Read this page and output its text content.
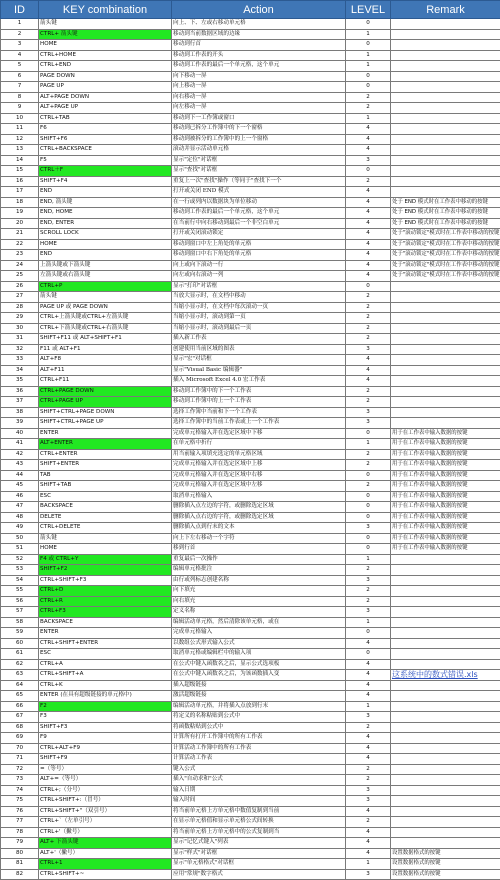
ID	KEY combination	Action	LEVEL	Remark
1	箭头键	向上、下、左或右移动单元格	0	
2	CTRL+ 箭头键	移动到当前数据区域的边缘	1	
3	HOME	移动到行首	0	
4	CTRL+HOME	移动到工作表的开头	1	
5	CTRL+END	移动到工作表的最后一个单元格，这个单元	1	
6	PAGE DOWN	向下移动一屏	0	
7	PAGE UP	向上移动一屏	0	
8	ALT+PAGE DOWN	向右移动一屏	2	
9	ALT+PAGE UP	向左移动一屏	2	
10	CTRL+TAB	移动到下一工作簿或窗口	1	
11	F6	移动到已拆分工作簿中的下一个窗格	4	
12	SHIFT+F6	移动到被拆分的工作簿中的上一个窗格	4	
13	CTRL+BACKSPACE	滚动并显示活动单元格	4	
14	F5	显示"定位"对话框	3	
15	CTRL＋F	显示"查找"对话框	0	
16	SHIFT+F4	重复上一次"查找"操作（等同于"查找下一个	2	
17	END	打开或关闭 END 模式	4	
18	END, 箭头键	在一行或列内以数据块为单位移动	4	处于 END 模式时在工作表中移动的按键
19	END, HOME	移动到工作表的最后一个单元格，这个单元	4	处于 END 模式时在工作表中移动的按键
20	END, ENTER	在当前行中向右移动到最后一个非空白单元	4	处于 END 模式时在工作表中移动的按键
21	SCROLL LOCK	打开或关闭滚动锁定	4	处于"滚动锁定"模式时在工作表中移动的按键
22	HOME	移动到窗口中左上角处的单元格	4	处于"滚动锁定"模式时在工作表中移动的按键
23	END	移动到窗口中右下角处的单元格	4	处于"滚动锁定"模式时在工作表中移动的按键
24	上箭头键或下箭头键	向上或向下滚动一行	4	处于"滚动锁定"模式时在工作表中移动的按键
25	左箭头键或右箭头键	向左或向右滚动一列	4	处于"滚动锁定"模式时在工作表中移动的按键
26	CTRL+P	显示"打印"对话框	0	
27	箭头键	当放大显示时，在文档中移动	2	
28	PAGE UP 或 PAGE DOWN	当缩小显示时，在文档中每次滚动一页	2	
29	CTRL+上箭头键或CTRL+左箭头键	当缩小显示时，滚动到第一页	2	
30	CTRL+下箭头键或CTRL+右箭头键	当缩小显示时，滚动到最后一页	2	
31	SHIFT+F11 或 ALT+SHIFT+F1	插入新工作表	2	
32	F11 或 ALT+F1	创建使用当前区域的图表	3	
33	ALT+F8	显示"宏"对话框	4	
34	ALT+F11	显示"Visual Basic 编辑器"	4	
35	CTRL+F11	插入 Microsoft Excel 4.0 宏工作表	4	
36	CTRL+PAGE DOWN	移动到工作簿中的下一个工作表	2	
37	CTRL+PAGE UP	移动到工作簿中的上一个工作表	2	
38	SHIFT+CTRL+PAGE DOWN	选择工作簿中当前和下一个工作表	3	
39	SHIFT+CTRL+PAGE UP	选择工作簿中的当前工作表或上一个工作表	3	
40	ENTER	完成单元格输入并在选定区域中下移	0	用于在工作表中输入数据的按键
41	ALT+ENTER	在单元格中折行	1	用于在工作表中输入数据的按键
42	CTRL+ENTER	用当前输入项填充选定的单元格区域	2	用于在工作表中输入数据的按键
43	SHIFT+ENTER	完成单元格输入并在选定区域中上移	2	用于在工作表中输入数据的按键
44	TAB	完成单元格输入并在选定区域中右移	0	用于在工作表中输入数据的按键
45	SHIFT+TAB	完成单元格输入并在选定区域中左移	2	用于在工作表中输入数据的按键
46	ESC	取消单元格输入	0	用于在工作表中输入数据的按键
47	BACKSPACE	删除插入点左边的字符，或删除选定区域	0	用于在工作表中输入数据的按键
48	DELETE	删除插入点右边的字符，或删除选定区域	0	用于在工作表中输入数据的按键
49	CTRL+DELETE	删除插入点到行末的文本	3	用于在工作表中输入数据的按键
50	箭头键	向上下左右移动一个字符	0	用于在工作表中输入数据的按键
51	HOME	移到行首	0	用于在工作表中输入数据的按键
52	F4 或 CTRL+Y	重复最后一次操作	1	
53	SHIFT+F2	编辑单元格批注	2	
54	CTRL+SHIFT+F3	由行或列标志创建名称	3	
55	CTRL+D	向下填充	2	
56	CTRL+R	向右填充	2	
57	CTRL+F3	定义名称	3	
58	BACKSPACE	编辑活动单元格，然后清除该单元格，或在	1	
59	ENTER	完成单元格输入	0	
60	CTRL+SHIFT+ENTER	以数组公式形式输入公式	4	
61	ESC	取消单元格或编辑栏中的输入项	0	
62	CTRL+A	在公式中键入函数名之后，显示公式选项板	4	
63	CTRL+SHIFT+A	在公式中键入函数名之后，为该函数插入变	4	这系统中的数式错误.xls
64	CTRL+K	插入超级链接	4	
65	ENTER (在具有超级链接的单元格中)	激活超级链接	4	
66	F2	编辑活动单元格，并将插入点放到行末	1	
67	F3	将定义的名称粘贴到公式中	3	
68	SHIFT+F3	将函数粘贴到公式中	2	
69	F9	计算所有打开工作簿中的所有工作表	4	
70	CTRL+ALT+F9	计算活动工作簿中的所有工作表	4	
71	SHIFT+F9	计算活动工作表	4	
72	=（等号）	键入公式	2	
73	ALT+=（等号）	插入"自动求和"公式	2	
74	CTRL+;（分号）	输入日期	3	
75	CTRL+SHIFT+:（冒号）	输入时间	3	
76	CTRL+SHIFT+"（双引号）	将当前单元格上方单元格中数值复制到当前	4	
77	CTRL+`（左单引号）	在显示单元格值和显示单元格公式间转换	2	
78	CTRL+'（撇号）	将当前单元格上方单元格中的公式复制到当	4	
79	ALT+ 下箭头键	显示"记忆式键入"列表	4	
80	ALT+'（撇号）	显示"样式"对话框	4	设置数据格式的按键
81	CTRL+1	显示"单元格格式"对话框	1	设置数据格式的按键
82	CTRL+SHIFT+~	应用"常规"数字格式	3	设置数据格式的按键
